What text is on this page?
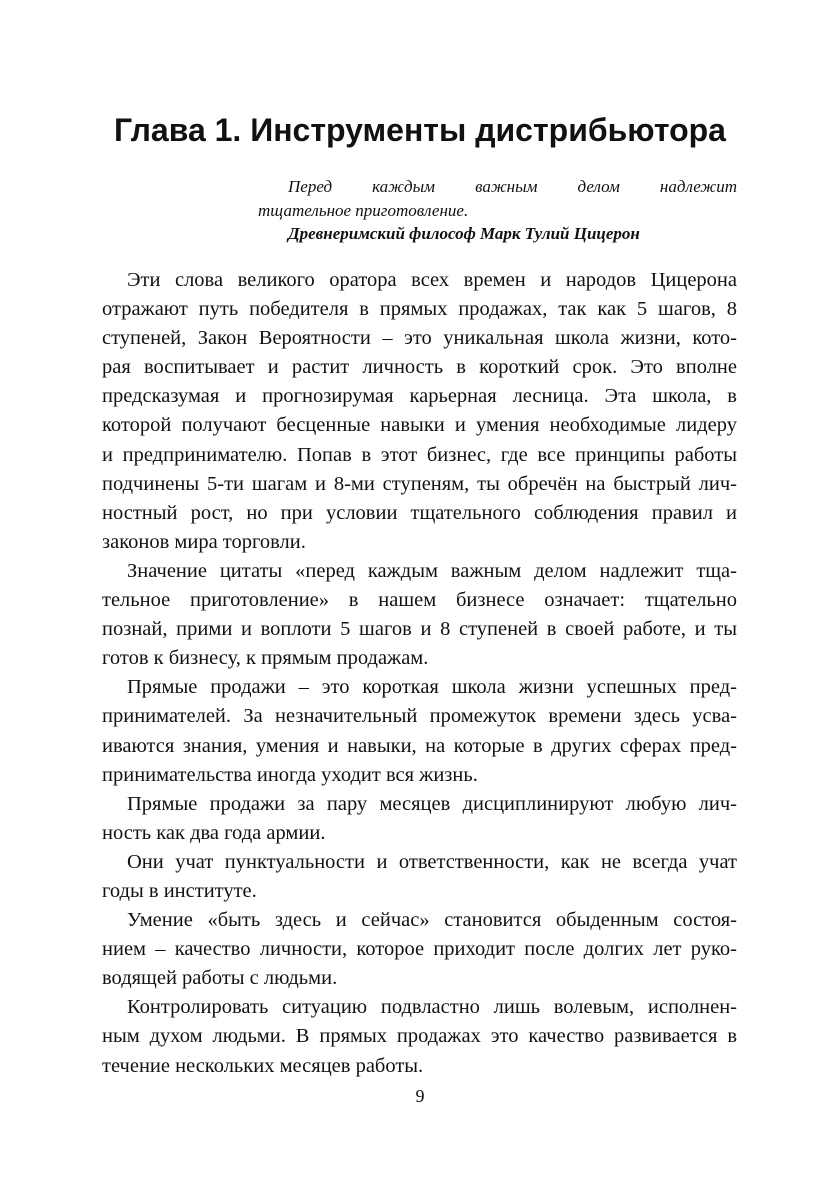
Глава 1. Инструменты дистрибьютора
Перед каждым важным делом надлежит
тщательное приготовление.
Древнеримский философ Марк Тулий Цицерон
Эти слова великого оратора всех времен и народов Цицерона
отражают путь победителя в прямых продажах, так как 5 шагов, 8
ступеней, Закон Вероятности – это уникальная школа жизни, кото-
рая воспитывает и растит личность в короткий срок. Это вполне
предсказумая и прогнозирумая карьерная лесница. Эта школа, в
которой получают бесценные навыки и умения необходимые лидеру
и предпринимателю. Попав в этот бизнес, где все принципы работы
подчинены 5-ти шагам и 8-ми ступеням, ты обречён на быстрый лич-
ностный рост, но при условии тщательного соблюдения правил и
законов мира торговли.
Значение цитаты «перед каждым важным делом надлежит тща-
тельное приготовление» в нашем бизнесе означает: тщательно
познай, прими и воплоти 5 шагов и 8 ступеней в своей работе, и ты
готов к бизнесу, к прямым продажам.
Прямые продажи – это короткая школа жизни успешных пред-
принимателей. За незначительный промежуток времени здесь усва-
иваются знания, умения и навыки, на которые в других сферах пред-
принимательства иногда уходит вся жизнь.
Прямые продажи за пару месяцев дисциплинируют любую лич-
ность как два года армии.
Они учат пунктуальности и ответственности, как не всегда учат
годы в институте.
Умение «быть здесь и сейчас» становится обыденным состоя-
нием – качество личности, которое приходит после долгих лет руко-
водящей работы с людьми.
Контролировать ситуацию подвластно лишь волевым, исполнен-
ным духом людьми. В прямых продажах это качество развивается в
течение нескольких месяцев работы.
9
